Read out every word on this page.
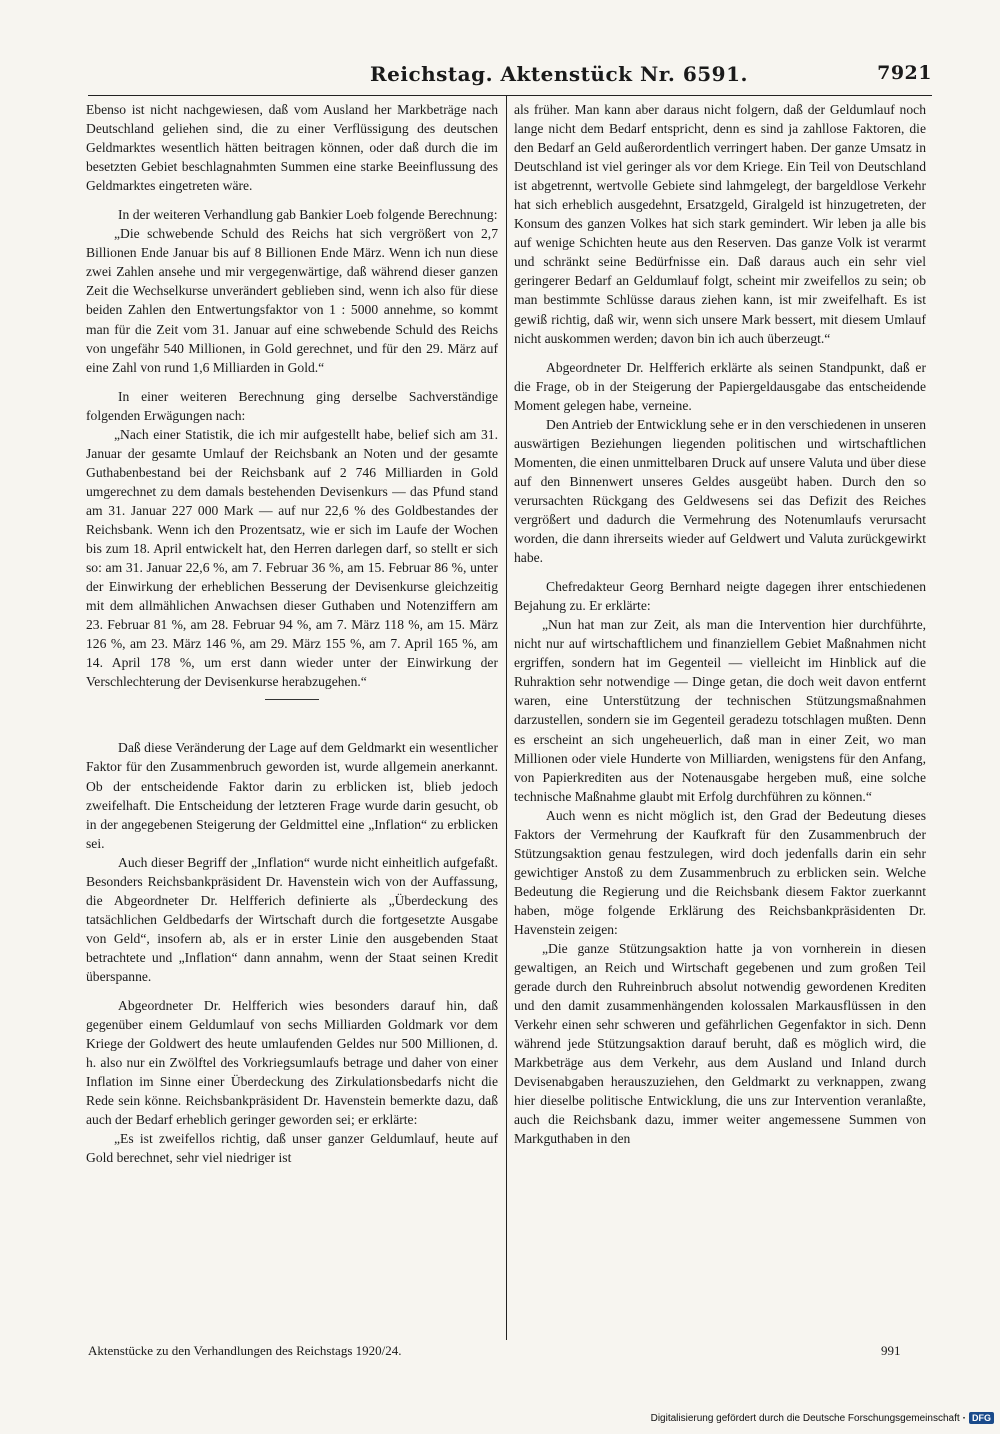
Reichstag. Aktenstück Nr. 6591.	7921

Ebenso ist nicht nachgewiesen, daß vom Ausland her Markbeträge nach Deutschland geliehen sind, die zu einer Verflüssigung des deutschen Geldmarktes wesentlich hätten beitragen können, oder daß durch die im besetzten Gebiet beschlagnahmten Summen eine starke Beeinflussung des Geldmarktes eingetreten wäre.

In der weiteren Verhandlung gab Bankier Loeb folgende Berechnung:

„Die schwebende Schuld des Reichs hat sich vergrößert von 2,7 Billionen Ende Januar bis auf 8 Billionen Ende März. Wenn ich nun diese zwei Zahlen ansehe und mir vergegenwärtige, daß während dieser ganzen Zeit die Wechselkurse unverändert geblieben sind, wenn ich also für diese beiden Zahlen den Entwertungsfaktor von 1 : 5000 annehme, so kommt man für die Zeit vom 31. Januar auf eine schwebende Schuld des Reichs von ungefähr 540 Millionen, in Gold gerechnet, und für den 29. März auf eine Zahl von rund 1,6 Milliarden in Gold.“

In einer weiteren Berechnung ging derselbe Sachverständige folgenden Erwägungen nach:

„Nach einer Statistik, die ich mir aufgestellt habe, belief sich am 31. Januar der gesamte Umlauf der Reichsbank an Noten und der gesamte Guthabenbestand bei der Reichsbank auf 2 746 Milliarden in Gold umgerechnet zu dem damals bestehenden Devisenkurs — das Pfund stand am 31. Januar 227 000 Mark — auf nur 22,6 % des Goldbestandes der Reichsbank. Wenn ich den Prozentsatz, wie er sich im Laufe der Wochen bis zum 18. April entwickelt hat, den Herren darlegen darf, so stellt er sich so: am 31. Januar 22,6 %, am 7. Februar 36 %, am 15. Februar 86 %, unter der Einwirkung der erheblichen Besserung der Devisenkurse gleichzeitig mit dem allmählichen Anwachsen dieser Guthaben und Notenziffern am 23. Februar 81 %, am 28. Februar 94 %, am 7. März 118 %, am 15. März 126 %, am 23. März 146 %, am 29. März 155 %, am 7. April 165 %, am 14. April 178 %, um erst dann wieder unter der Einwirkung der Verschlechterung der Devisenkurse herabzugehen.“

Daß diese Veränderung der Lage auf dem Geldmarkt ein wesentlicher Faktor für den Zusammenbruch geworden ist, wurde allgemein anerkannt. Ob der entscheidende Faktor darin zu erblicken ist, blieb jedoch zweifelhaft. Die Entscheidung der letzteren Frage wurde darin gesucht, ob in der angegebenen Steigerung der Geldmittel eine „Inflation“ zu erblicken sei.

Auch dieser Begriff der „Inflation“ wurde nicht einheitlich aufgefaßt. Besonders Reichsbankpräsident Dr. Havenstein wich von der Auffassung, die Abgeordneter Dr. Helfferich definierte als „Überdeckung des tatsächlichen Geldbedarfs der Wirtschaft durch die fortgesetzte Ausgabe von Geld“, insofern ab, als er in erster Linie den ausgebenden Staat betrachtete und „Inflation“ dann annahm, wenn der Staat seinen Kredit überspanne.

Abgeordneter Dr. Helfferich wies besonders darauf hin, daß gegenüber einem Geldumlauf von sechs Milliarden Goldmark vor dem Kriege der Goldwert des heute umlaufenden Geldes nur 500 Millionen, d. h. also nur ein Zwölftel des Vorkriegsumlaufs betrage und daher von einer Inflation im Sinne einer Überdeckung des Zirkulationsbedarfs nicht die Rede sein könne. Reichsbankpräsident Dr. Havenstein bemerkte dazu, daß auch der Bedarf erheblich geringer geworden sei; er erklärte:

„Es ist zweifellos richtig, daß unser ganzer Geldumlauf, heute auf Gold berechnet, sehr viel niedriger ist

als früher. Man kann aber daraus nicht folgern, daß der Geldumlauf noch lange nicht dem Bedarf entspricht, denn es sind ja zahllose Faktoren, die den Bedarf an Geld außerordentlich verringert haben. Der ganze Umsatz in Deutschland ist viel geringer als vor dem Kriege. Ein Teil von Deutschland ist abgetrennt, wertvolle Gebiete sind lahmgelegt, der bargeldlose Verkehr hat sich erheblich ausgedehnt, Ersatzgeld, Giralgeld ist hinzugetreten, der Konsum des ganzen Volkes hat sich stark gemindert. Wir leben ja alle bis auf wenige Schichten heute aus den Reserven. Das ganze Volk ist verarmt und schränkt seine Bedürfnisse ein. Daß daraus auch ein sehr viel geringerer Bedarf an Geldumlauf folgt, scheint mir zweifellos zu sein; ob man bestimmte Schlüsse daraus ziehen kann, ist mir zweifelhaft. Es ist gewiß richtig, daß wir, wenn sich unsere Mark bessert, mit diesem Umlauf nicht auskommen werden; davon bin ich auch überzeugt.“

Abgeordneter Dr. Helfferich erklärte als seinen Standpunkt, daß er die Frage, ob in der Steigerung der Papiergeldausgabe das entscheidende Moment gelegen habe, verneine.

Den Antrieb der Entwicklung sehe er in den verschiedenen in unseren auswärtigen Beziehungen liegenden politischen und wirtschaftlichen Momenten, die einen unmittelbaren Druck auf unsere Valuta und über diese auf den Binnenwert unseres Geldes ausgeübt haben. Durch den so verursachten Rückgang des Geldwesens sei das Defizit des Reiches vergrößert und dadurch die Vermehrung des Notenumlaufs verursacht worden, die dann ihrerseits wieder auf Geldwert und Valuta zurückgewirkt habe.

Chefredakteur Georg Bernhard neigte dagegen ihrer entschiedenen Bejahung zu. Er erklärte:

„Nun hat man zur Zeit, als man die Intervention hier durchführte, nicht nur auf wirtschaftlichem und finanziellem Gebiet Maßnahmen nicht ergriffen, sondern hat im Gegenteil — vielleicht im Hinblick auf die Ruhraktion sehr notwendige — Dinge getan, die doch weit davon entfernt waren, eine Unterstützung der technischen Stützungsmaßnahmen darzustellen, sondern sie im Gegenteil geradezu totschlagen mußten. Denn es erscheint an sich ungeheuerlich, daß man in einer Zeit, wo man Millionen oder viele Hunderte von Milliarden, wenigstens für den Anfang, von Papierkrediten aus der Notenausgabe hergeben muß, eine solche technische Maßnahme glaubt mit Erfolg durchführen zu können.“

Auch wenn es nicht möglich ist, den Grad der Bedeutung dieses Faktors der Vermehrung der Kaufkraft für den Zusammenbruch der Stützungsaktion genau festzulegen, wird doch jedenfalls darin ein sehr gewichtiger Anstoß zu dem Zusammenbruch zu erblicken sein. Welche Bedeutung die Regierung und die Reichsbank diesem Faktor zuerkannt haben, möge folgende Erklärung des Reichsbankpräsidenten Dr. Havenstein zeigen:

„Die ganze Stützungsaktion hatte ja von vornherein in diesen gewaltigen, an Reich und Wirtschaft gegebenen und zum großen Teil gerade durch den Ruhreinbruch absolut notwendig gewordenen Krediten und den damit zusammenhängenden kolossalen Markausflüssen in den Verkehr einen sehr schweren und gefährlichen Gegenfaktor in sich. Denn während jede Stützungsaktion darauf beruht, daß es möglich wird, die Markbeträge aus dem Verkehr, aus dem Ausland und Inland durch Devisenabgaben herauszuziehen, den Geldmarkt zu verknappen, zwang hier dieselbe politische Entwicklung, die uns zur Intervention veranlaßte, auch die Reichsbank dazu, immer weiter angemessene Summen von Markguthaben in den

Aktenstücke zu den Verhandlungen des Reichstags 1920/24.	991
Digitalisierung gefördert durch die Deutsche Forschungsgemeinschaft · DFG
